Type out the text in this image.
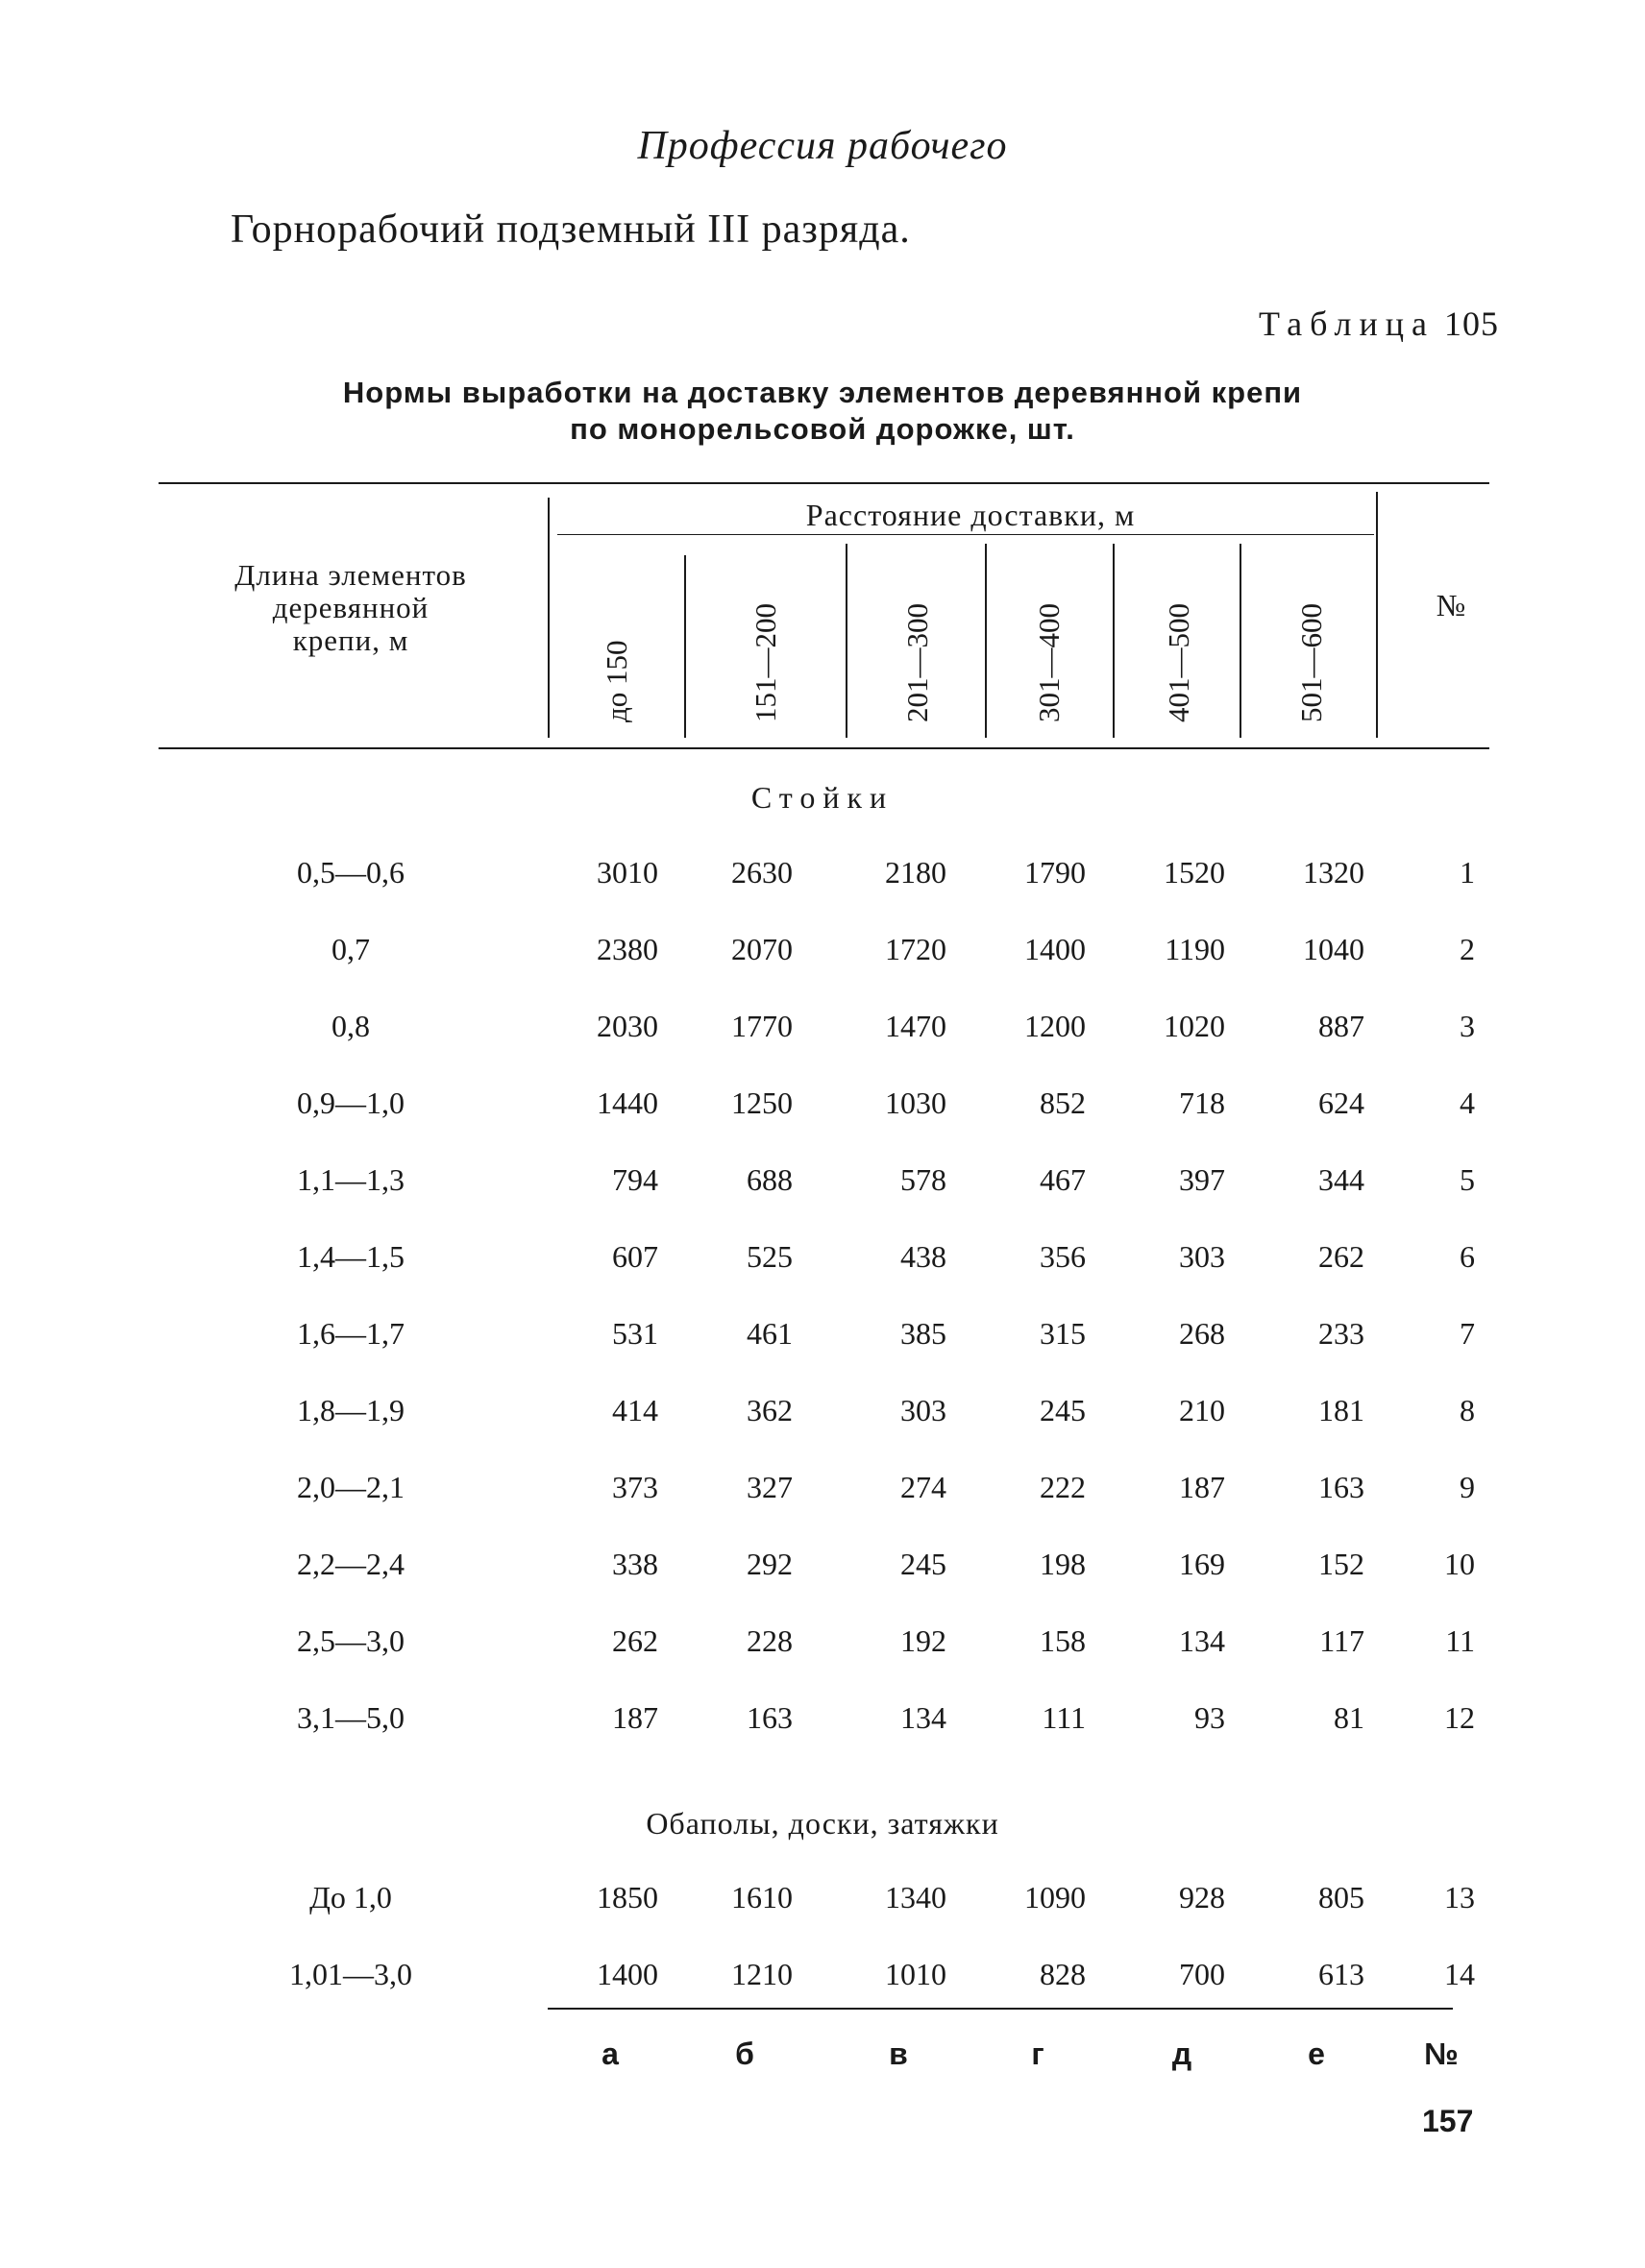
Профессия рабочего
Горнорабочий подземный III разряда.
Таблица 105
Нормы выработки на доставку элементов деревянной крепи
по монорельсовой дорожке, шт.
Расстояние доставки, м
Длина элементов
деревянной
крепи, м
№
до 150	151—200	201—300	301—400	401—500	501—600
Стойки
0,5—0,6	3010	2630	2180	1790	1520	1320	1
0,7	2380	2070	1720	1400	1190	1040	2
0,8	2030	1770	1470	1200	1020	887	3
0,9—1,0	1440	1250	1030	852	718	624	4
1,1—1,3	794	688	578	467	397	344	5
1,4—1,5	607	525	438	356	303	262	6
1,6—1,7	531	461	385	315	268	233	7
1,8—1,9	414	362	303	245	210	181	8
2,0—2,1	373	327	274	222	187	163	9
2,2—2,4	338	292	245	198	169	152	10
2,5—3,0	262	228	192	158	134	117	11
3,1—5,0	187	163	134	111	93	81	12
Обаполы, доски, затяжки
До 1,0	1850	1610	1340	1090	928	805	13
1,01—3,0	1400	1210	1010	828	700	613	14
а	б	в	г	д	е	№
157
